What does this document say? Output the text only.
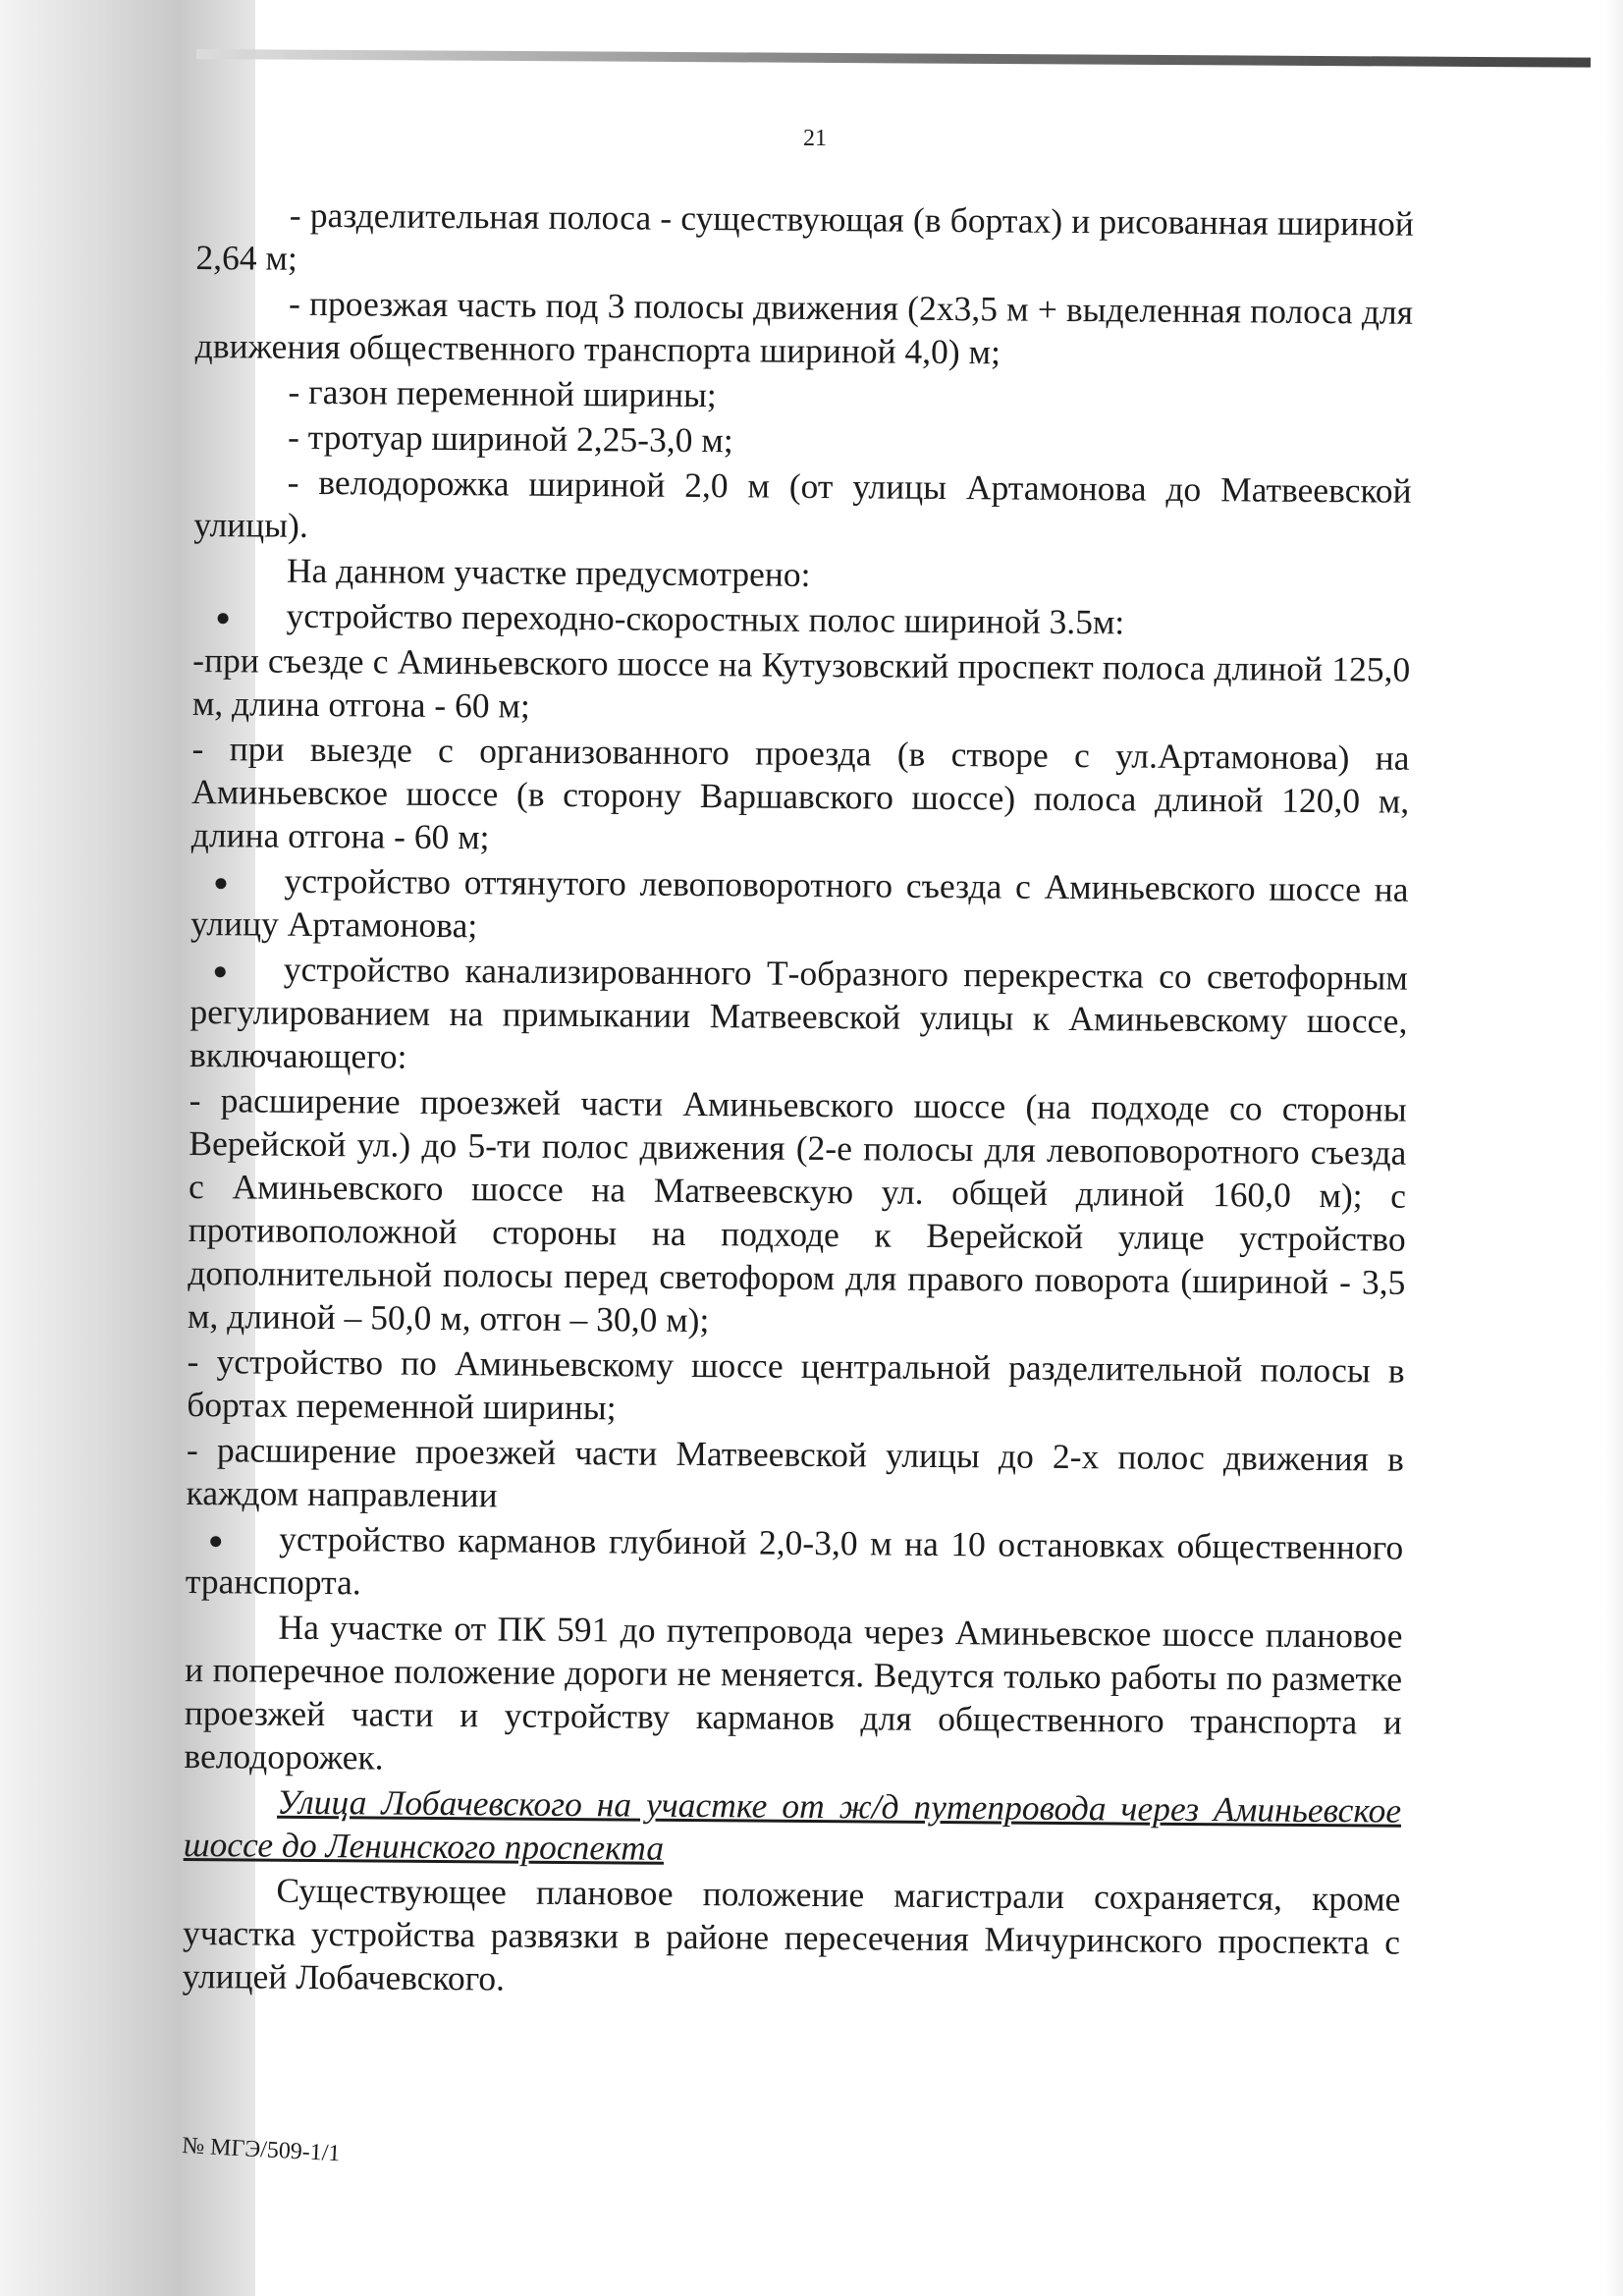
21

- разделительная полоса - существующая (в бортах) и рисованная шириной 2,64 м;

- проезжая часть под 3 полосы движения (2х3,5 м + выделенная полоса для движения общественного транспорта шириной 4,0) м;

- газон переменной ширины;

- тротуар шириной 2,25-3,0 м;

- велодорожка шириной 2,0 м (от улицы Артамонова до Матвеевской улицы).

На данном участке предусмотрено:

устройство переходно-скоростных полос шириной 3.5м:

-при съезде с Аминьевского шоссе на Кутузовский проспект полоса длиной 125,0 м, длина отгона - 60 м;

- при выезде с организованного проезда (в створе с ул.Артамонова) на Аминьевское шоссе (в сторону Варшавского шоссе) полоса длиной 120,0 м, длина отгона - 60 м;

устройство оттянутого левоповоротного съезда с Аминьевского шоссе на улицу Артамонова;

устройство канализированного Т-образного перекрестка со светофорным регулированием на примыкании Матвеевской улицы к Аминьевскому шоссе, включающего:

- расширение проезжей части Аминьевского шоссе (на подходе со стороны Верейской ул.) до 5-ти полос движения (2-е полосы для левоповоротного съезда с Аминьевского шоссе на Матвеевскую ул. общей длиной 160,0 м); с противоположной стороны на подходе к Верейской улице устройство дополнительной полосы перед светофором для правого поворота (шириной - 3,5 м, длиной – 50,0 м, отгон – 30,0 м);

- устройство по Аминьевскому шоссе центральной разделительной полосы в бортах переменной ширины;

- расширение проезжей части Матвеевской улицы до 2-х полос движения в каждом направлении

устройство карманов глубиной 2,0-3,0 м на 10 остановках общественного транспорта.

На участке от ПК 591 до путепровода через Аминьевское шоссе плановое и поперечное положение дороги не меняется. Ведутся только работы по разметке проезжей части и устройству карманов для общественного транспорта и велодорожек.

Улица Лобачевского на участке от ж/д путепровода через Аминьевское шоссе до Ленинского проспекта

Существующее плановое положение магистрали сохраняется, кроме участка устройства развязки в районе пересечения Мичуринского проспекта с улицей Лобачевского.

№ МГЭ/509-1/1
